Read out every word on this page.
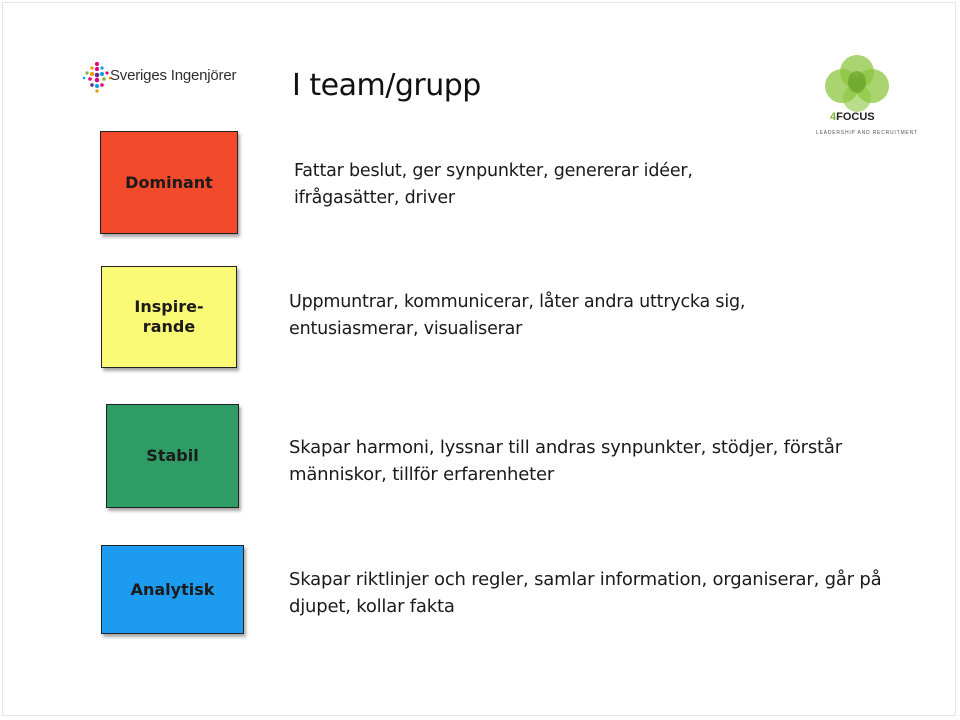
Sveriges Ingenjörer
4FOCUS
LEADERSHIP AND RECRUITMENT
I team/grupp
Dominant
Fattar beslut, ger synpunkter, genererar idéer, ifrågasätter, driver
Inspire-
rande
Uppmuntrar, kommunicerar, låter andra uttrycka sig, entusiasmerar, visualiserar
Stabil	Skapar harmoni, lyssnar till andras synpunkter, stödjer, förstår människor, tillför erfarenheter
Analytisk	Skapar riktlinjer och regler, samlar information, organiserar, går på djupet, kollar fakta
